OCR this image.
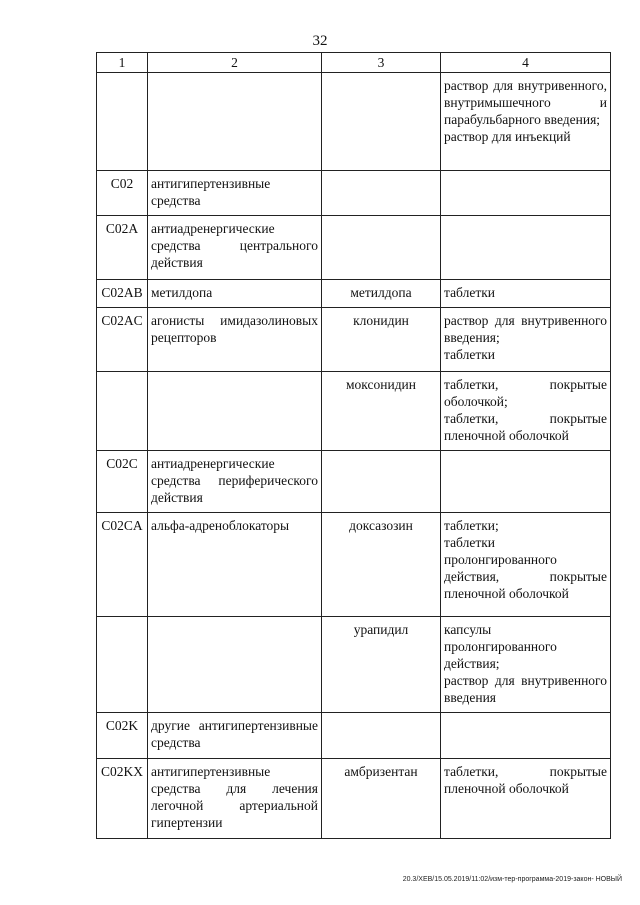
32
1	2	3	4

			раствор для внутривенного, внутримышечного и парабульбарного введения;
раствор для инъекций

C02	антигипертензивные средства		

C02A	антиадренергические средства центрального действия		

C02AB	метилдопа	метилдопа	таблетки

C02AC	агонисты имидазолиновых рецепторов	клонидин	раствор для внутривенного введения;
таблетки

		моксонидин	таблетки, покрытые оболочкой;
таблетки, покрытые пленочной оболочкой

C02C	антиадренергические средства периферического действия		

C02CA	альфа-адреноблокаторы	доксазозин	таблетки;
таблетки пролонгированного действия, покрытые пленочной оболочкой

		урапидил	капсулы пролонгированного действия;
раствор для внутривенного введения

C02K	другие антигипертензивные средства		

C02KX	антигипертензивные средства для лечения легочной артериальной гипертензии	амбризентан	таблетки, покрытые пленочной оболочкой
20.3/ХЕВ/15.05.2019/11:02/изм-тер-программа-2019-закон- НОВЫЙ
